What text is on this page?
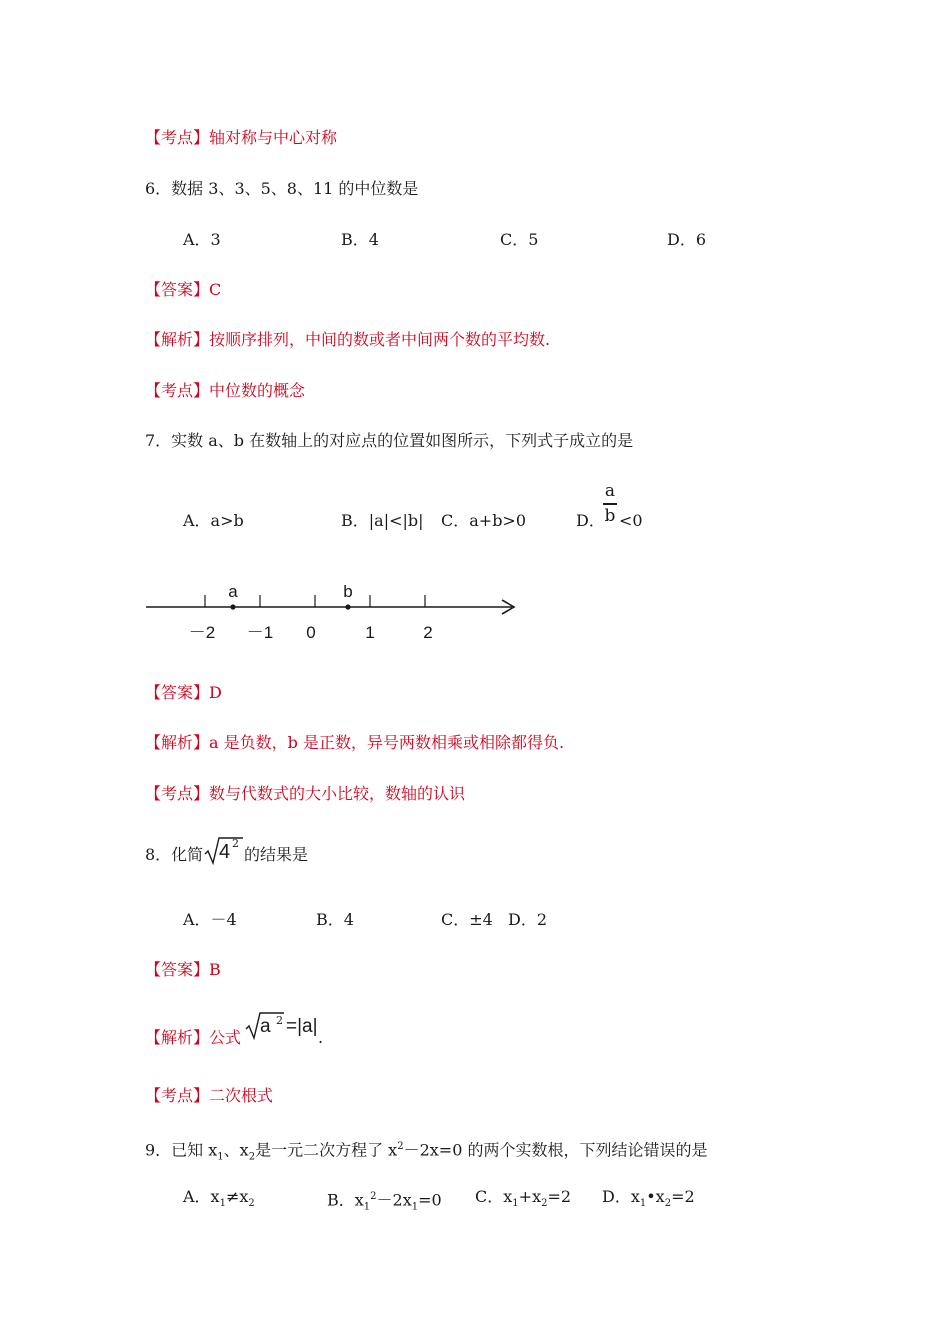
【考点】轴对称与中心对称
6．数据 3、3、5、8、11 的中位数是
A．3	B．4	C．5	D．6
【答案】C
【解析】按顺序排列，中间的数或者中间两个数的平均数.
【考点】中位数的概念
7．实数 a、b 在数轴上的对应点的位置如图所示，下列式子成立的是
A．a>b	B．|a|<|b| C．a+b>0	D．
a
b <0
a	b
－2 －1 0	1	2
【答案】D
【解析】a 是负数，b 是正数，异号两数相乘或相除都得负.
【考点】数与代数式的大小比较，数轴的认识
8．化简 4 2
的结果是
A．－4	B．4	C．±4 D．2
【答案】B
【解析】公式
a 2 =|a|
.
【考点】二次根式
9．已知 $x_1$、$x_2$是一元二次方程了 $x^2-2x=0$ 的两个实数根，下列结论错误的是
A．$x_1\ne x_2$	B．$x_1^2-2x_1=0$ C．$x_1+x_2=2$ D．$x_1•x_2=2$
